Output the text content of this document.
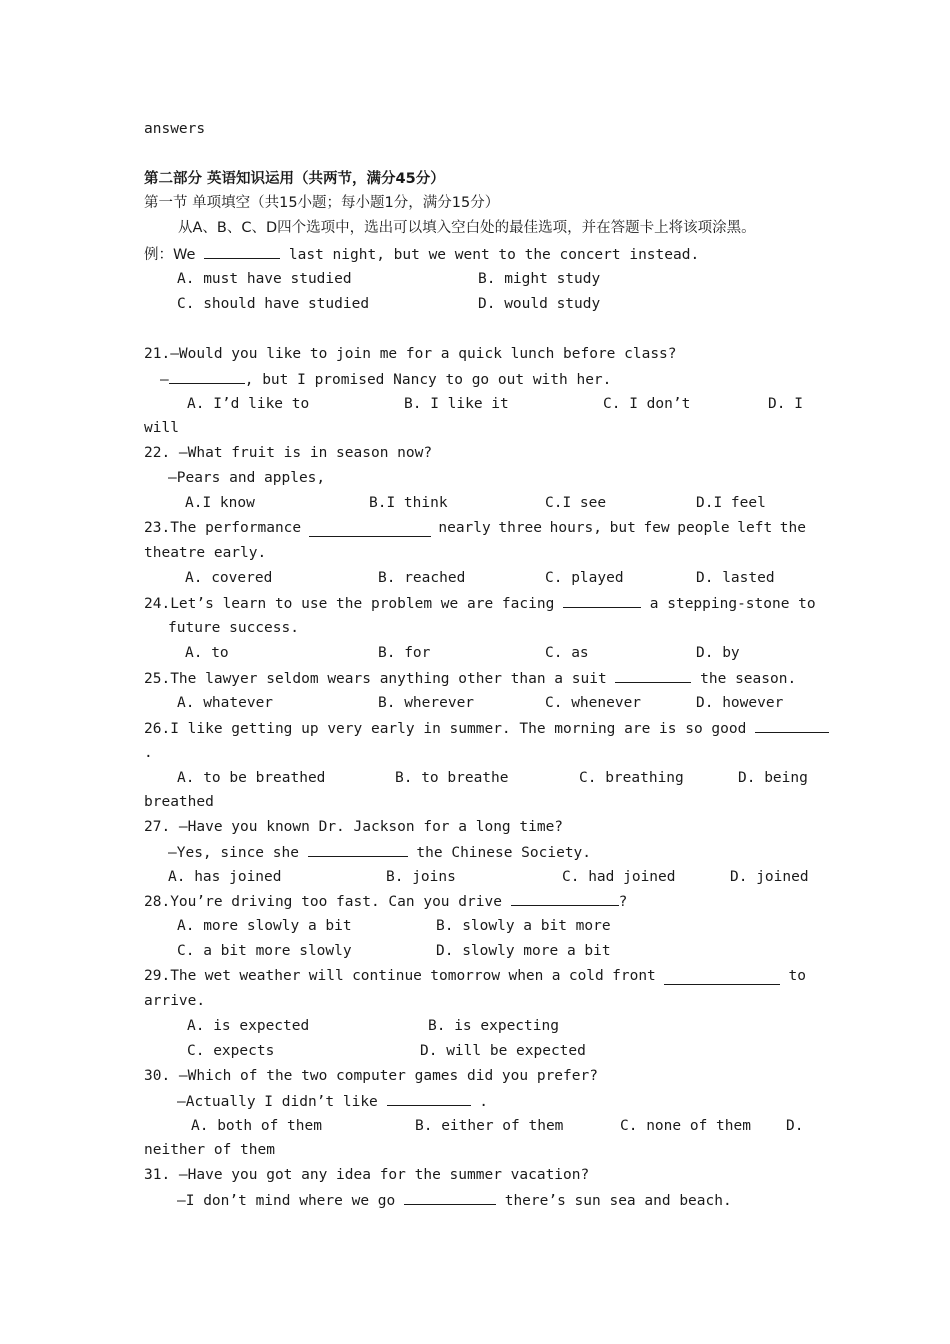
answers
第二部分 英语知识运用（共两节，满分45分）
第一节 单项填空（共15小题；每小题1分，满分15分）
从A、B、C、D四个选项中，选出可以填入空白处的最佳选项，并在答题卡上将该项涂黑。
例：We	last night, but we went to the concert instead.
A. must have studied	B. might study
C. should have studied	D. would study
21.—Would you like to join me for a quick lunch before class?
—	, but I promised Nancy to go out with her.
A. I’d like to	B. I like it	C. I don’t	D. I
will
22. —What fruit is in season now?
—Pears and apples,
A.I know	B.I think	C.I see	D.I feel
23.The performance	nearly three hours, but few people left the
theatre early.
A. covered	B. reached	C. played	D. lasted
24.Let’s learn to use the problem we are facing	a stepping-stone to
future success.
A. to	B. for	C. as	D. by
25.The lawyer seldom wears anything other than a suit	the season.
A. whatever	B. wherever	C. whenever	D. however
26.I like getting up very early in summer. The morning are is so good
.
A. to be breathed	B. to breathe	C. breathing	D. being
breathed
27. —Have you known Dr. Jackson for a long time?
—Yes, since she	the Chinese Society.
A. has joined	B. joins	C. had joined	D. joined
28.You’re driving too fast. Can you drive	?
A. more slowly a bit	B. slowly a bit more
C. a bit more slowly	D. slowly more a bit
29.The wet weather will continue tomorrow when a cold front	to
arrive.
A. is expected	B. is expecting
C. expects	D. will be expected
30. —Which of the two computer games did you prefer?
—Actually I didn’t like	.
A. both of them	B. either of them	C. none of them D.
neither of them
31. —Have you got any idea for the summer vacation?
—I don’t mind where we go	there’s sun sea and beach.
